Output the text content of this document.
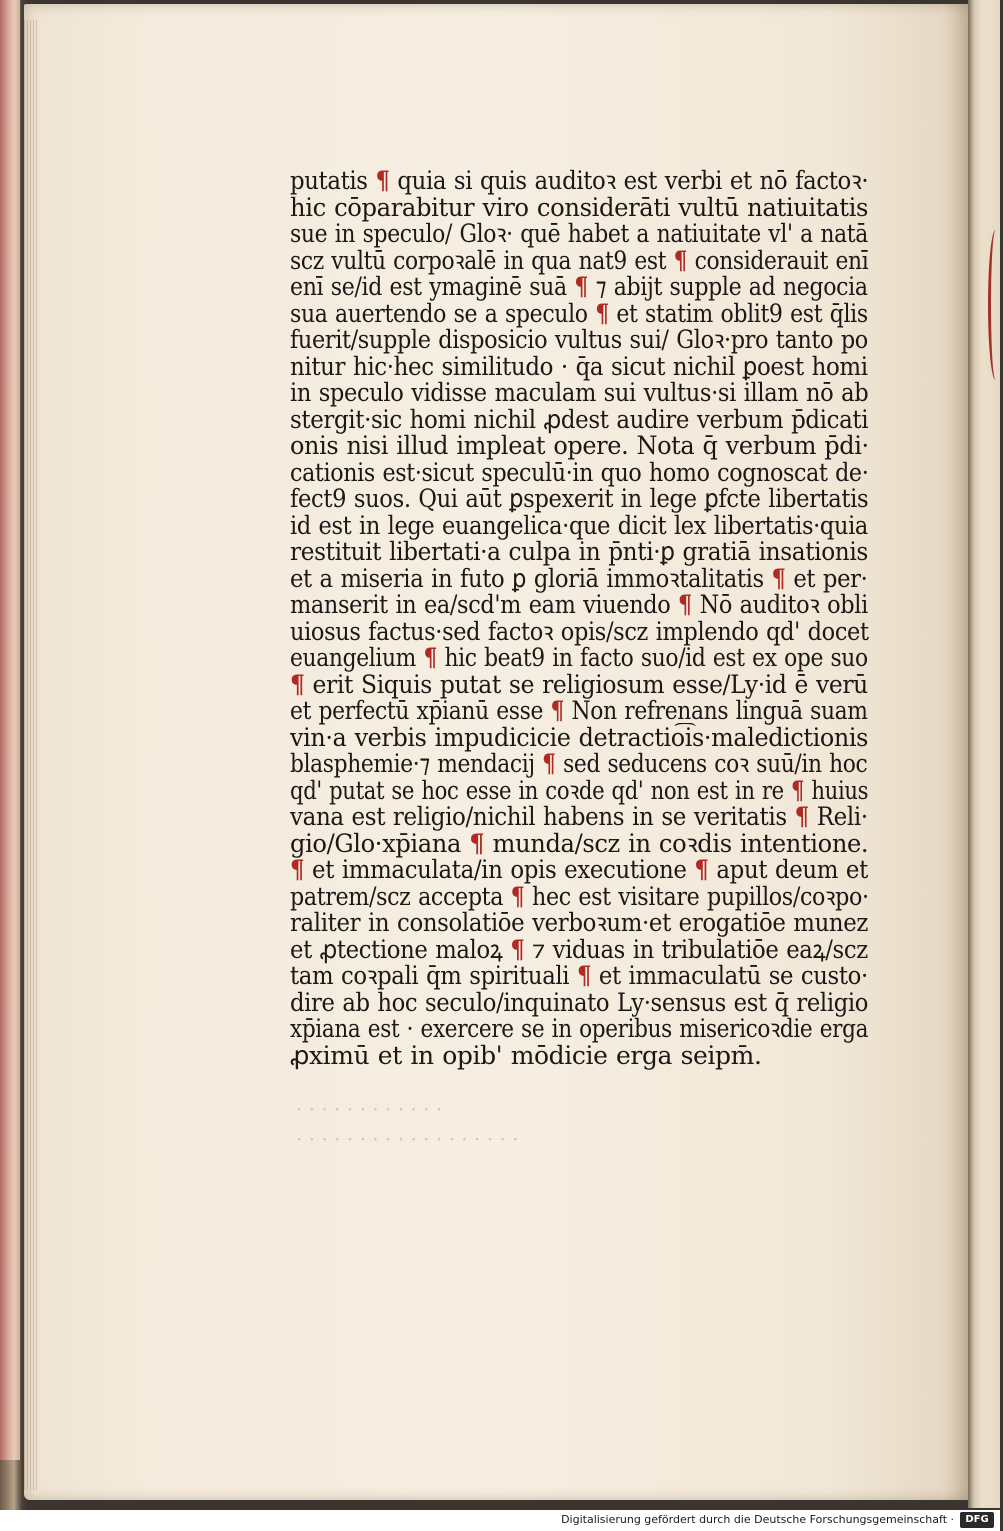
putatis ¶ quia si quis auditoꝛ est verbi et nō factoꝛ·
hic cōparabitur viro considerāti vultū natiuitatis
sue in speculo/ Gloꝛ· quē habet a natiuitate vl' a natā
scz vultū corpoꝛalē in qua nat9 est ¶ considerauit enī
enī se/id est ymaginē suā ¶ ⁊ abijt supple ad negocia
sua auertendo se a speculo ¶ et statim oblit9 est q̄lis
fuerit/supple disposicio vultus sui/ Gloꝛ·pro tanto po
nitur hic·hec similitudo · q̄a sicut nichil ꝑoest homi
in speculo vidisse maculam sui vultus·si illam nō ab
stergit·sic homi nichil ꝓdest audire verbum p̄dicati
onis nisi illud impleat opere. Nota q̄ verbum p̄di·
cationis est·sicut speculū·in quo homo cognoscat de·
fect9 suos. Qui aūt ꝑspexerit in lege ꝑfcte libertatis
id est in lege euangelica·que dicit lex libertatis·quia
restituit libertati·a culpa in p̄nti·ꝑ gratiā insationis
et a miseria in futo ꝑ gloriā immoꝛtalitatis ¶ et per·
manserit in ea/scd'm eam viuendo ¶ Nō auditoꝛ obli
uiosus factus·sed factoꝛ opis/scz implendo qd' docet
euangelium ¶ hic beat9 in facto suo/id est ex ope suo
¶ erit Siquis putat se religiosum esse/Ly·id ē verū
et perfectū xp̄ianū esse ¶ Non refrenans linguā suam
vin·a verbis impudicicie detractio͡is·maledictionis
blasphemie·⁊ mendacij ¶ sed seducens coꝛ suū/in hoc
qd' putat se hoc esse in coꝛde qd' non est in re ¶ huius
vana est religio/nichil habens in se veritatis ¶ Reli·
gio/Glo·xp̄iana ¶ munda/scz in coꝛdis intentione.
¶ et immaculata/in opis executione ¶ aput deum et
patrem/scz accepta ¶ hec est visitare pupillos/coꝛpo·
raliter in consolatiōe verboꝛum·et erogatiōe munez
et ꝓtectione maloꝝ ¶ ⁊ viduas in tribulatiōe eaꝝ/scz
tam coꝛpali q̄m spirituali ¶ et immaculatū se custo·
dire ab hoc seculo/inquinato Ly·sensus est q̄ religio
xp̄iana est · exercere se in operibus misericoꝛdie erga
ꝓximū et in opib' mōdicie erga seipm̄.
· · · · · · · · · · · ·
· · · · · · · · · · · · · · · · · ·
Digitalisierung gefördert durch die Deutsche Forschungsgemeinschaft ·	DFG
